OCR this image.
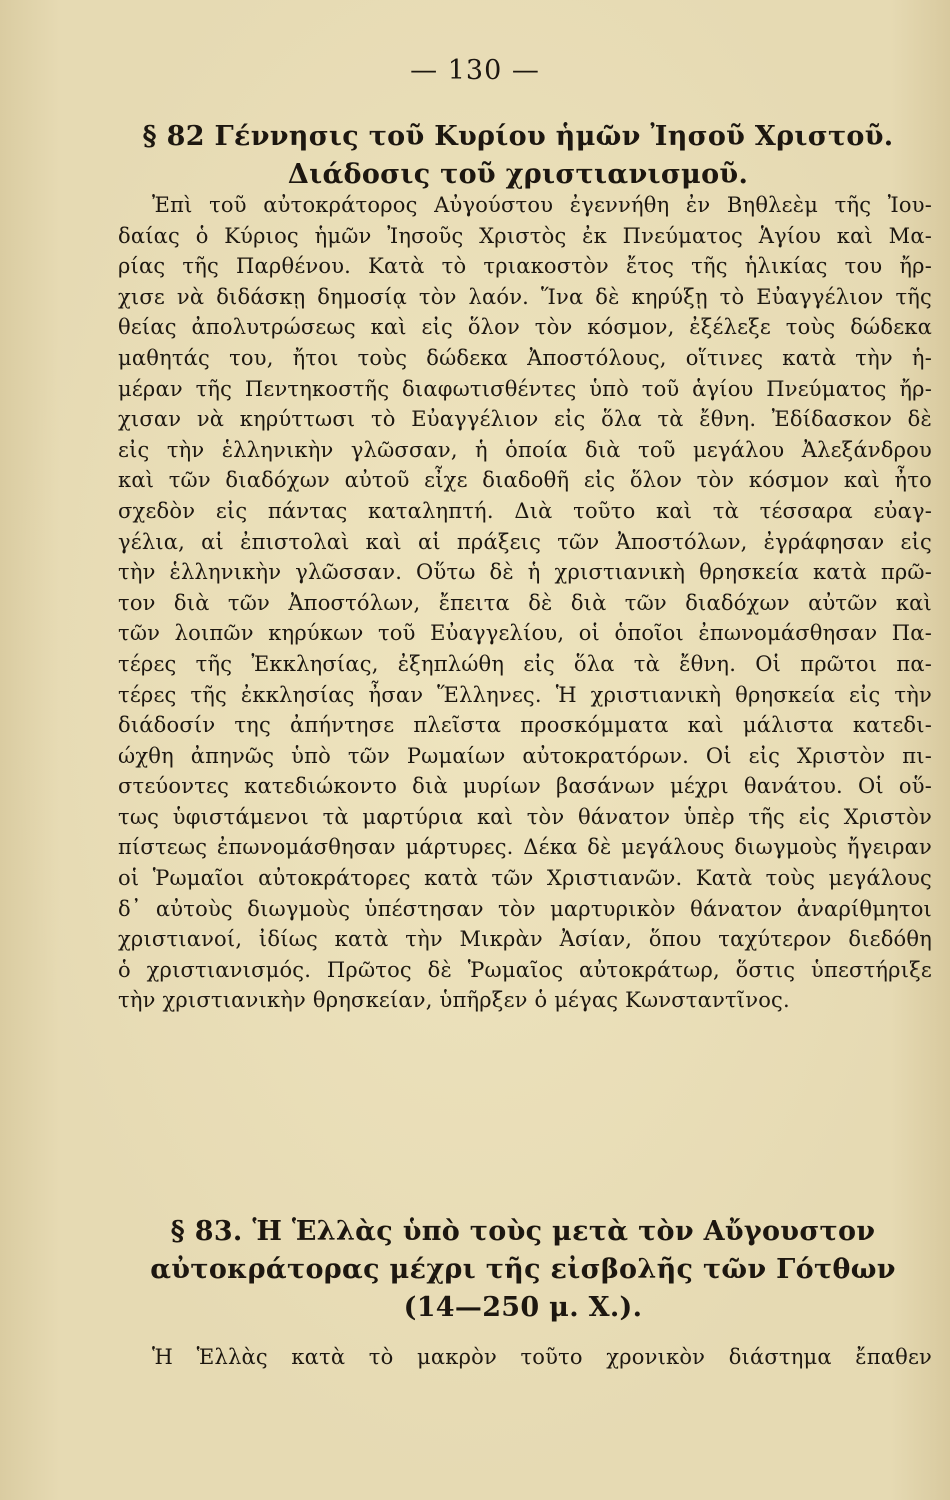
— 130 —
§ 82 Γέννησις τοῦ Κυρίου ἡμῶν Ἰησοῦ Χριστοῦ.
Διάδοσις τοῦ χριστιανισμοῦ.
Ἐπὶ τοῦ αὐτοκράτορος Αὐγούστου ἐγεννήθη ἐν Βηθλεὲμ τῆς Ἰου-
δαίας ὁ Κύριος ἡμῶν Ἰησοῦς Χριστὸς ἐκ Πνεύματος Ἁγίου καὶ Μα-
ρίας τῆς Παρθένου. Κατὰ τὸ τριακοστὸν ἔτος τῆς ἡλικίας του ἤρ-
χισε νὰ διδάσκῃ δημοσίᾳ τὸν λαόν. Ἵνα δὲ κηρύξῃ τὸ Εὐαγγέλιον τῆς
θείας ἀπολυτρώσεως καὶ εἰς ὅλον τὸν κόσμον, ἐξέλεξε τοὺς δώδεκα
μαθητάς του, ἤτοι τοὺς δώδεκα Ἀποστόλους, οἵτινες κατὰ τὴν ἡ-
μέραν τῆς Πεντηκοστῆς διαφωτισθέντες ὑπὸ τοῦ ἁγίου Πνεύματος ἤρ-
χισαν νὰ κηρύττωσι τὸ Εὐαγγέλιον εἰς ὅλα τὰ ἔθνη. Ἐδίδασκον δὲ
εἰς τὴν ἑλληνικὴν γλῶσσαν, ἡ ὁποία διὰ τοῦ μεγάλου Ἀλεξάνδρου
καὶ τῶν διαδόχων αὐτοῦ εἶχε διαδοθῆ εἰς ὅλον τὸν κόσμον καὶ ἦτο
σχεδὸν εἰς πάντας καταληπτή. Διὰ τοῦτο καὶ τὰ τέσσαρα εὐαγ-
γέλια, αἱ ἐπιστολαὶ καὶ αἱ πράξεις τῶν Ἀποστόλων, ἐγράφησαν εἰς
τὴν ἑλληνικὴν γλῶσσαν. Οὕτω δὲ ἡ χριστιανικὴ θρησκεία κατὰ πρῶ-
τον διὰ τῶν Ἀποστόλων, ἔπειτα δὲ διὰ τῶν διαδόχων αὐτῶν καὶ
τῶν λοιπῶν κηρύκων τοῦ Εὐαγγελίου, οἱ ὁποῖοι ἐπωνομάσθησαν Πα-
τέρες τῆς Ἐκκλησίας, ἐξηπλώθη εἰς ὅλα τὰ ἔθνη. Οἱ πρῶτοι πα-
τέρες τῆς ἐκκλησίας ἦσαν Ἕλληνες. Ἡ χριστιανικὴ θρησκεία εἰς τὴν
διάδοσίν της ἀπήντησε πλεῖστα προσκόμματα καὶ μάλιστα κατεδι-
ώχθη ἀπηνῶς ὑπὸ τῶν Ρωμαίων αὐτοκρατόρων. Οἱ εἰς Χριστὸν πι-
στεύοντες κατεδιώκοντο διὰ μυρίων βασάνων μέχρι θανάτου. Οἱ οὕ-
τως ὑφιστάμενοι τὰ μαρτύρια καὶ τὸν θάνατον ὑπὲρ τῆς εἰς Χριστὸν
πίστεως ἐπωνομάσθησαν μάρτυρες. Δέκα δὲ μεγάλους διωγμοὺς ἤγειραν
οἱ Ῥωμαῖοι αὐτοκράτορες κατὰ τῶν Χριστιανῶν. Κατὰ τοὺς μεγάλους
δ᾽ αὐτοὺς διωγμοὺς ὑπέστησαν τὸν μαρτυρικὸν θάνατον ἀναρίθμητοι
χριστιανοί, ἰδίως κατὰ τὴν Μικρὰν Ἀσίαν, ὅπου ταχύτερον διεδόθη
ὁ χριστιανισμός. Πρῶτος δὲ Ῥωμαῖος αὐτοκράτωρ, ὅστις ὑπεστήριξε
τὴν χριστιανικὴν θρησκείαν, ὑπῆρξεν ὁ μέγας Κωνσταντῖνος.
§ 83. Ἡ Ἑλλὰς ὑπὸ τοὺς μετὰ τὸν Αὔγουστον
αὐτοκράτορας μέχρι τῆς εἰσβολῆς τῶν Γότθων
(14—250 μ. Χ.).
Ἡ Ἑλλὰς κατὰ τὸ μακρὸν τοῦτο χρονικὸν διάστημα ἔπαθεν
